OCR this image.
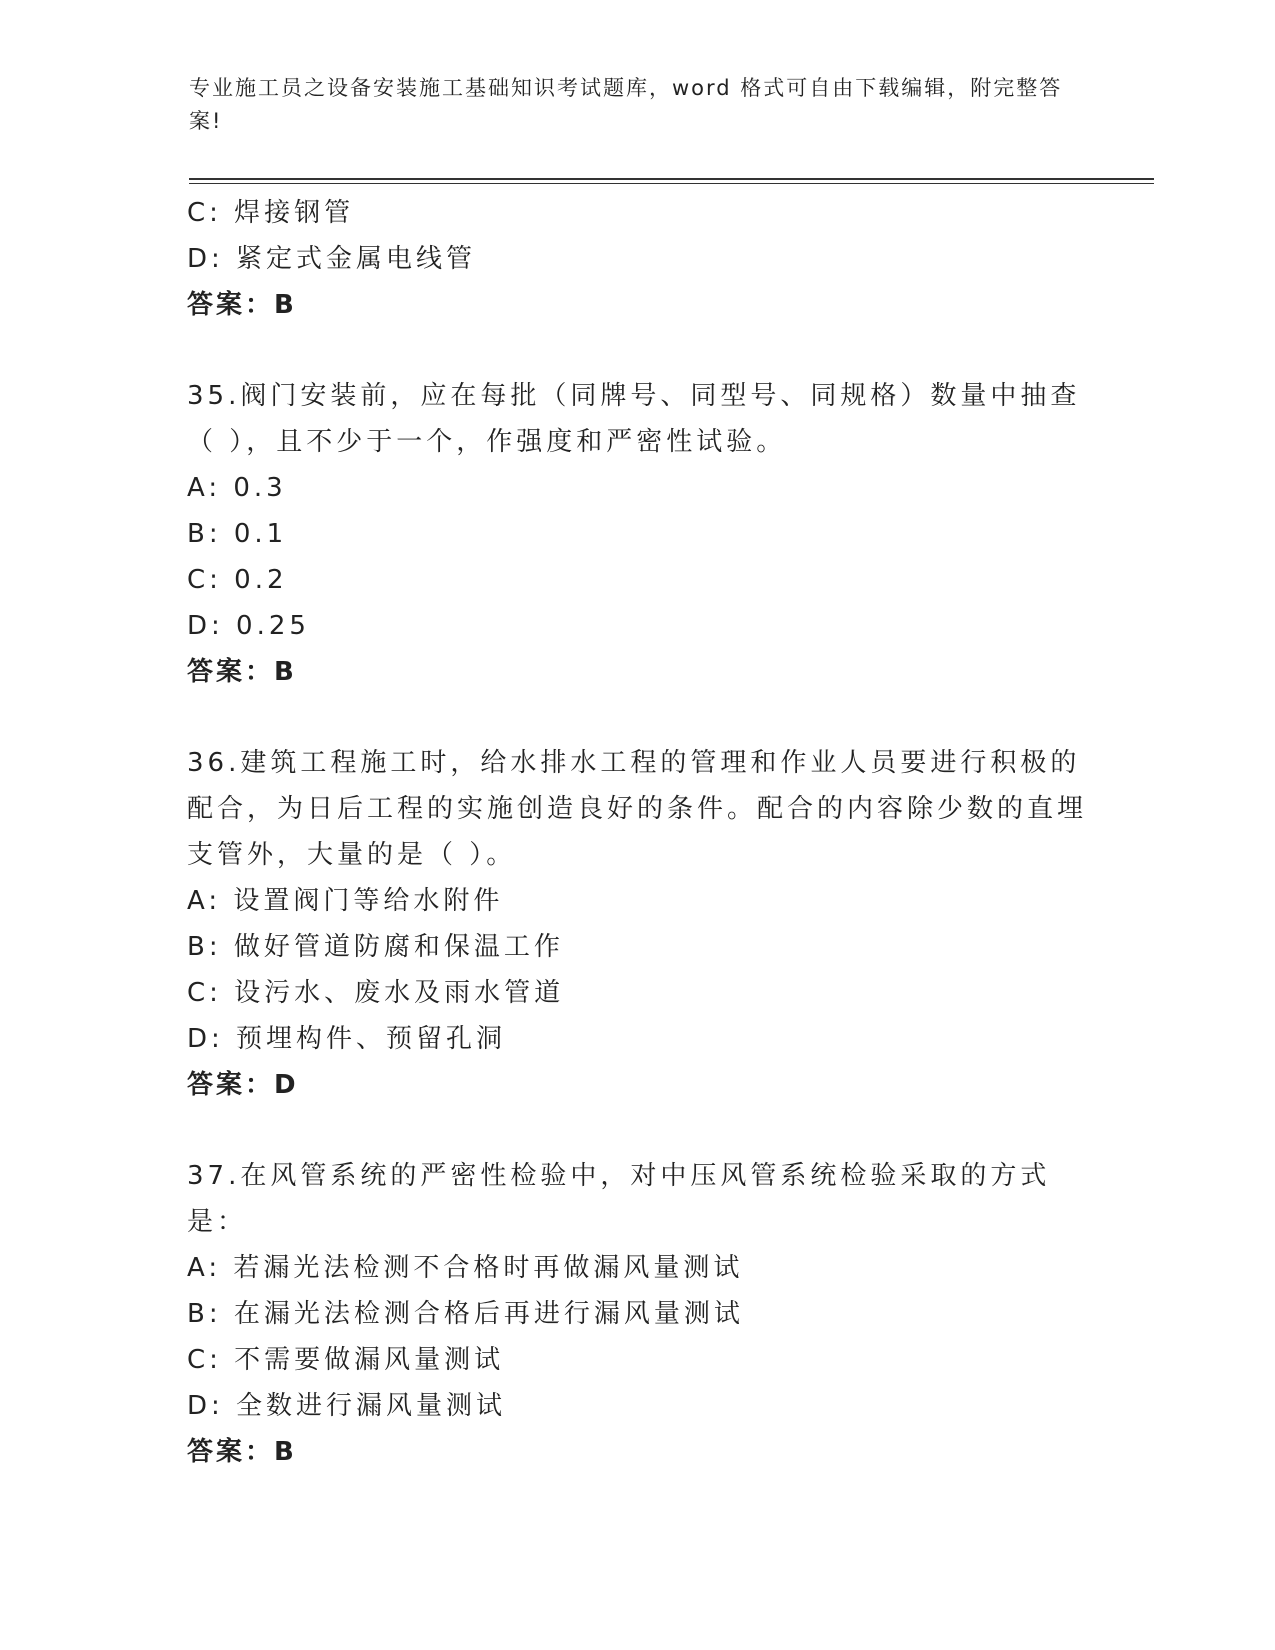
专业施工员之设备安装施工基础知识考试题库，word 格式可自由下载编辑，附完整答案!
C: 焊接钢管
D: 紧定式金属电线管
答案：B
35.阀门安装前，应在每批（同牌号、同型号、同规格）数量中抽查（ ），且不少于一个，作强度和严密性试验。
A: 0.3
B: 0.1
C: 0.2
D: 0.25
答案：B
36.建筑工程施工时，给水排水工程的管理和作业人员要进行积极的配合，为日后工程的实施创造良好的条件。配合的内容除少数的直埋支管外，大量的是（ ）。
A: 设置阀门等给水附件
B: 做好管道防腐和保温工作
C: 设污水、废水及雨水管道
D: 预埋构件、预留孔洞
答案：D
37.在风管系统的严密性检验中，对中压风管系统检验采取的方式是：
A: 若漏光法检测不合格时再做漏风量测试
B: 在漏光法检测合格后再进行漏风量测试
C: 不需要做漏风量测试
D: 全数进行漏风量测试
答案：B
